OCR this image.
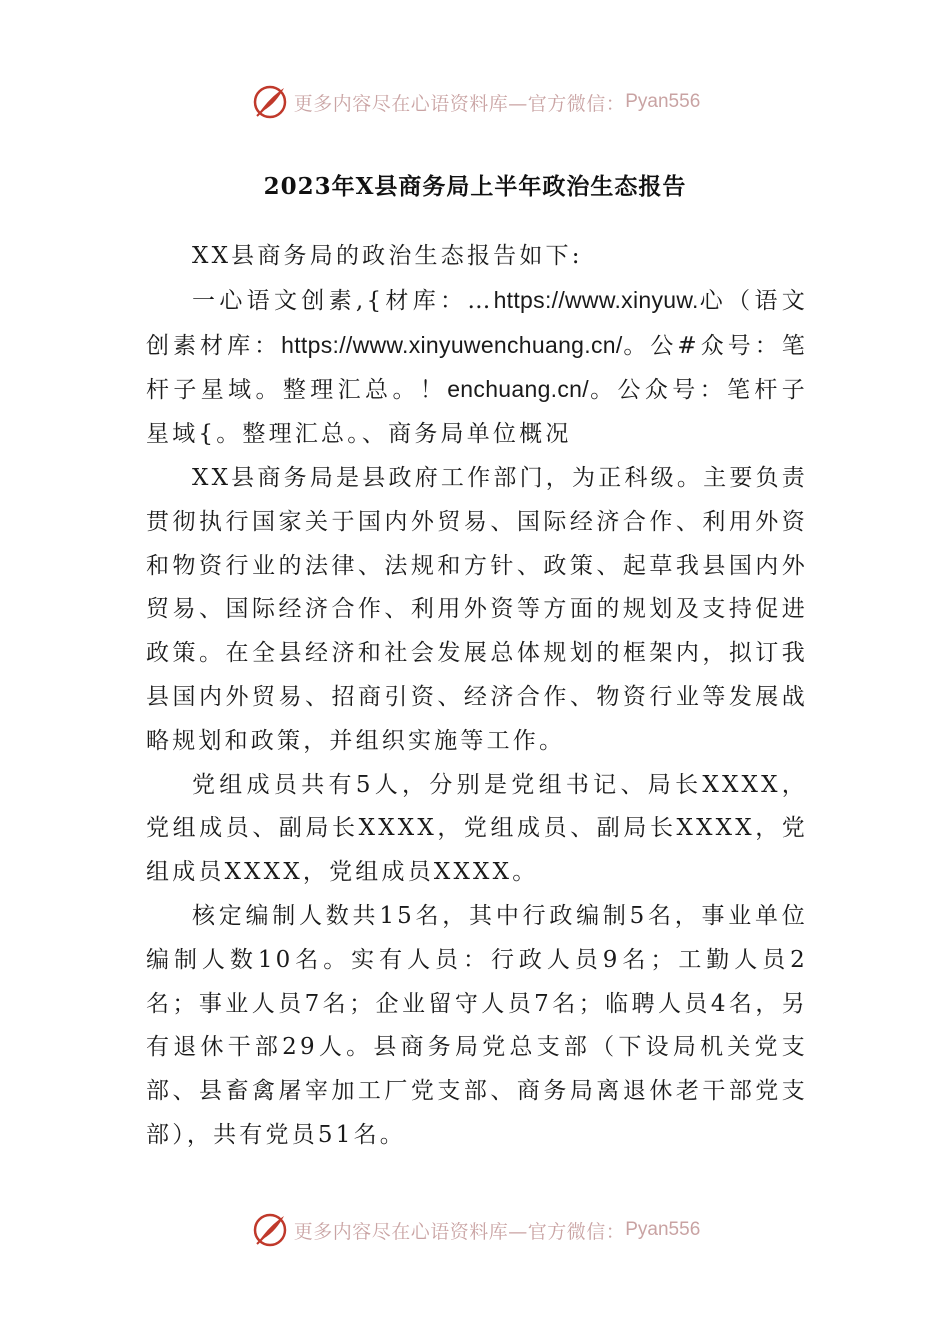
更多内容尽在心语资料库—官方微信： Pyan556
2023年X县商务局上半年政治生态报告

XX县商务局的政治生态报告如下:

一心语文创素,{材库：…https://www.xinyuw.心（语文创素材库：https://www.xinyuwenchuang.cn/。公#众号：笔杆子星域。整理汇总。！enchuang.cn/。公众号：笔杆子星域{。整理汇总。、商务局单位概况

XX县商务局是县政府工作部门，为正科级。主要负责贯彻执行国家关于国内外贸易、国际经济合作、利用外资和物资行业的法律、法规和方针、政策、起草我县国内外贸易、国际经济合作、利用外资等方面的规划及支持促进政策。在全县经济和社会发展总体规划的框架内，拟订我县国内外贸易、招商引资、经济合作、物资行业等发展战略规划和政策，并组织实施等工作。

党组成员共有5人，分别是党组书记、局长XXXX，党组成员、副局长XXXX，党组成员、副局长XXXX，党组成员XXXX，党组成员XXXX。

核定编制人数共15名，其中行政编制5名，事业单位编制人数10名。实有人员：行政人员9名；工勤人员2名；事业人员7名；企业留守人员7名；临聘人员4名，另有退休干部29人。县商务局党总支部（下设局机关党支部、县畜禽屠宰加工厂党支部、商务局离退休老干部党支部），共有党员51名。

更多内容尽在心语资料库—官方微信： Pyan556
